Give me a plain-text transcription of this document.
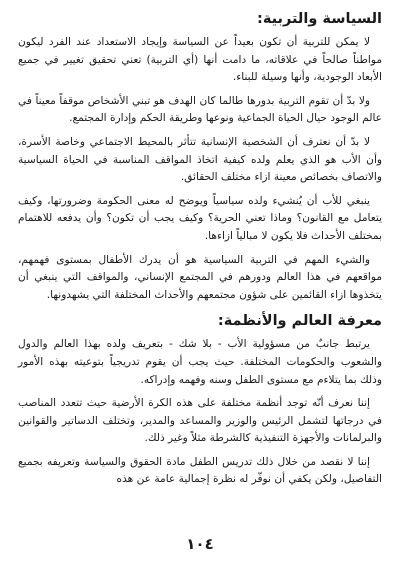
السياسة والتربية:

لا يمكن للتربية أن تكون بعيداً عن السياسة وإيجاد الاستعداد عند الفرد ليكون مواطناً صالحاً في علاقاته، ما دامت أنها (أي التربية) تعني تحقيق تغيير في جميع الأبعاد الوجودية، وأنها وسيلة للبناء.

ولا بدّ أن تقوم التربية بدورها طالما كان الهدف هو تبني الأشخاص موقفاً معيناً في عالم الوجود حيال الحياة الجماعية ونوعها وطريقة الحكم وإدارة المجتمع.

لا بدّ أن نعترف أن الشخصية الإنسانية تتأثر بالمحيط الاجتماعي وخاصة الأسرة، وأن الأب هو الذي يعلم ولده كيفية اتخاذ المواقف المناسبة في الحياة السياسية والاتصاف بخصائص معينة ازاء مختلف الحقائق.

ينبغي للأب أن يُنشيء ولده سياسياً ويوضح له معنى الحكومة وضرورتها، وكيف يتعامل مع القانون؟ وماذا تعني الحرية؟ وكيف يجب أن تكون؟ وأن يدفعه للاهتمام بمختلف الأحداث فلا يكون لا مبالياً ازاءها.

والشيء المهم في التربية السياسية هو أن يدرك الأطفال بمستوى فهمهم، مواقعهم في هذا العالم ودورهم في المجتمع الإنساني، والمواقف التي ينبغي أن يتخذوها ازاء القائمين على شؤون مجتمعهم والأحداث المختلفة التي يشهدونها.

معرفة العالم والأنظمة:

يرتبط جانبٌ من مسؤولية الأب - بلا شك - بتعريف ولده بهذا العالم والدول والشعوب والحكومات المختلفة. حيث يجب أن يقوم تدريجياً بتوعيته بهذه الأمور وذلك بما يتلاءم مع مستوى الطفل وسنه وفهمه وإدراكه.

إننا نعرف أنّه توجد أنظمة مختلفة على هذه الكرة الأرضية حيث تتعدد المناصب في درجاتها لتشمل الرئيس والوزير والمساعد والمدير، وتختلف الدساتير والقوانين والبرلمانات والأجهزة التنفيذية كالشرطة مثلاً وغير ذلك.

إننا لا نقصد من خلال ذلك تدريس الطفل مادة الحقوق والسياسة وتعريفه بجميع التفاصيل، ولكن يكفي أن نوفّر له نظرة إجمالية عامة عن هذه

١٠٤
